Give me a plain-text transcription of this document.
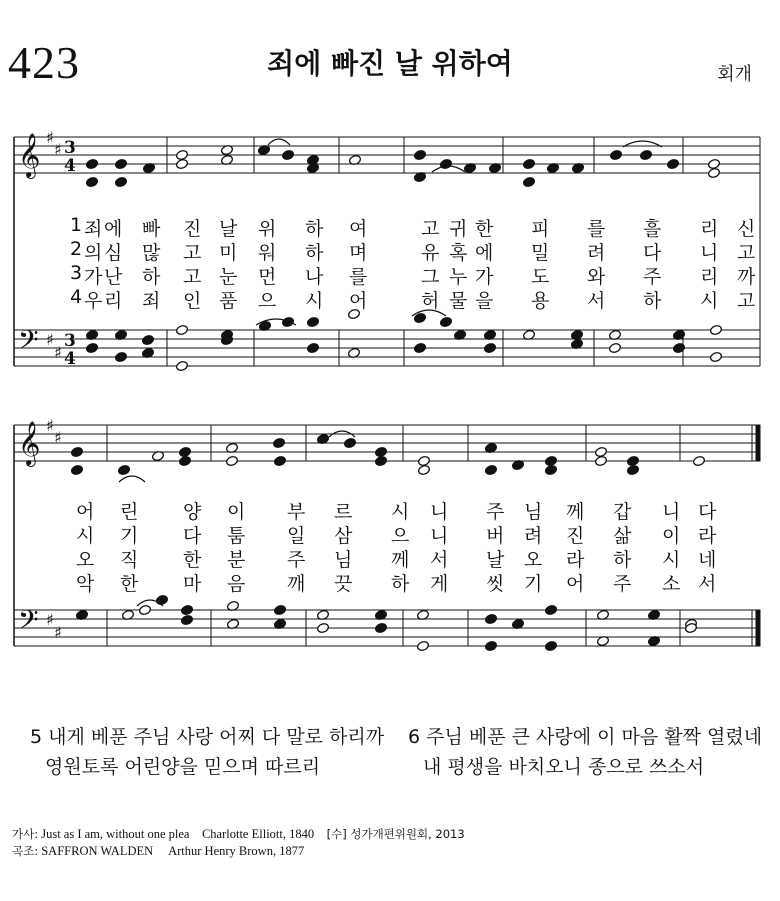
423	죄에 빠진 날 위하여	회개
𝄞
𝄞
𝄢
𝄢
♯
♯
♯
♯
♯
♯
♯
♯
3
4
3
4
1 죄 에 빠 진 날 위 하 여	고 귀 한 피 를 흘 리 신
2 의 심 많 고 미 워 하 며	유 혹 에 밀 려 다 니 고
3 가 난 하 고 눈 먼 나 를	그 누 가 도 와 주 리 까
4 우 리 죄 인 품 으 시 어	허 물 을 용 서 하 시 고
어 린 양 이 부 르 시 니 주 님 께 갑 니 다
시 기 다 툼 일 삼 으 니 버 려 진 삶 이 라
오 직 한 분 주 님 께 서 날 오 라 하 시 네
악 한 마 음 깨 끗 하 게 씻 기 어 주 소 서
5 내게 베푼 주님 사랑 어찌 다 말로 하리까
영원토록 어린양을 믿으며 따르리
6 주님 베푼 큰 사랑에 이 마음 활짝 열렸네
내 평생을 바치오니 종으로 쓰소서
가사: Just as I am, without one plea Charlotte Elliott, 1840 [수] 성가개편위원회, 2013
곡조: SAFFRON WALDEN Arthur Henry Brown, 1877
